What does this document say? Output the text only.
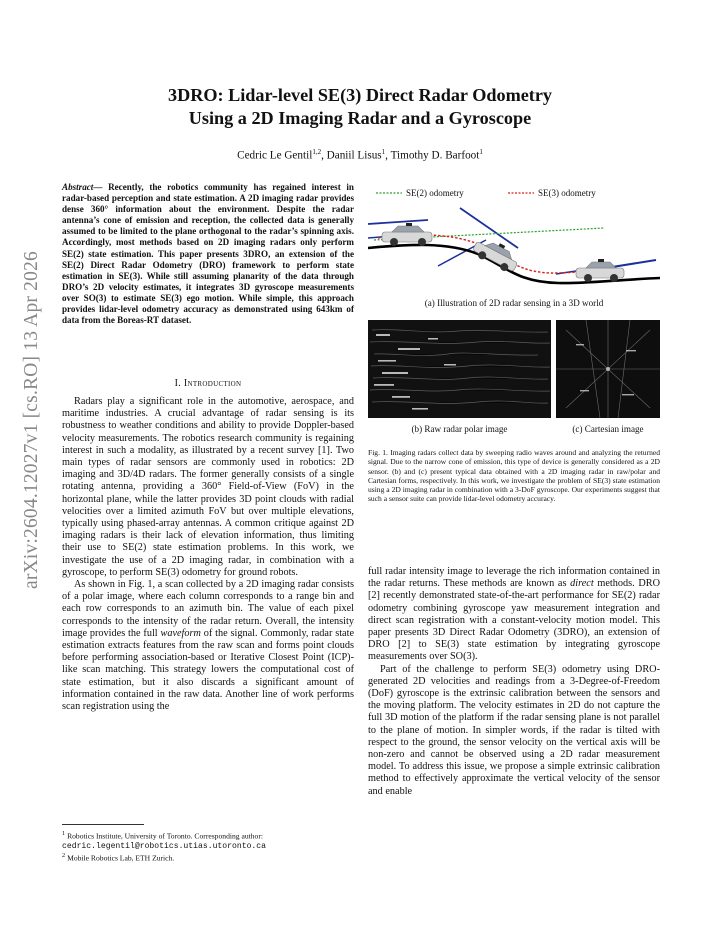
arXiv:2604.12027v1 [cs.RO] 13 Apr 2026
3DRO: Lidar-level SE(3) Direct Radar Odometry
Using a 2D Imaging Radar and a Gyroscope
Cedric Le Gentil$^{1,2}$, Daniil Lisus$^1$, Timothy D. Barfoot$^1$
Abstract— Recently, the robotics community has regained interest in radar-based perception and state estimation. A 2D imaging radar provides dense 360° information about the environment. Despite the radar antenna’s cone of emission and reception, the collected data is generally assumed to be limited to the plane orthogonal to the radar’s spinning axis. Accordingly, most methods based on 2D imaging radars only perform SE(2) state estimation. This paper presents 3DRO, an extension of the SE(2) Direct Radar Odometry (DRO) framework to perform state estimation in SE(3). While still assuming planarity of the data through DRO’s 2D velocity estimates, it integrates 3D gyroscope measurements over SO(3) to estimate SE(3) ego motion. While simple, this approach provides lidar-level odometry accuracy as demonstrated using 643km of data from the Boreas-RT dataset.
I. Introduction

Radars play a significant role in the automotive, aerospace, and maritime industries. A crucial advantage of radar sensing is its robustness to weather conditions and ability to provide Doppler-based velocity measurements. The robotics research community is regaining interest in such a modality, as illustrated by a recent survey [1]. Two main types of radar sensors are commonly used in robotics: 2D imaging and 3D/4D radars. The former generally consists of a single rotating antenna, providing a 360° Field-of-View (FoV) in the horizontal plane, while the latter provides 3D point clouds with radial velocities over a limited azimuth FoV but over multiple elevations, typically using phased-array antennas. A common critique against 2D imaging radars is their lack of elevation information, thus limiting their use to SE(2) state estimation problems. In this work, we investigate the use of a 2D imaging radar, in combination with a gyroscope, to perform SE(3) odometry for ground robots.

As shown in Fig. 1, a scan collected by a 2D imaging radar consists of a polar image, where each column corresponds to a range bin and each row corresponds to an azimuth bin. The value of each pixel corresponds to the intensity of the radar return. Overall, the intensity image provides the full waveform of the signal. Commonly, radar state estimation extracts features from the raw scan and forms point clouds before performing association-based or Iterative Closest Point (ICP)-like scan matching. This strategy lowers the computational cost of state estimation, but it also discards a significant amount of information contained in the raw data. Another line of work performs scan registration using the

$^1$ Robotics Institute, University of Toronto. Corresponding author: cedric.legentil@robotics.utias.utoronto.ca

$^2$ Mobile Robotics Lab, ETH Zurich.

SE(2) odometry	SE(3) odometry
(a) Illustration of 2D radar sensing in a 3D world
(b) Raw radar polar image	(c) Cartesian image
Fig. 1. Imaging radars collect data by sweeping radio waves around and analyzing the returned signal. Due to the narrow cone of emission, this type of device is generally considered as a 2D sensor. (b) and (c) present typical data obtained with a 2D imaging radar in raw/polar and Cartesian forms, respectively. In this work, we investigate the problem of SE(3) state estimation using a 2D imaging radar in combination with a 3-DoF gyroscope. Our experiments suggest that such a sensor suite can provide lidar-level odometry accuracy.

full radar intensity image to leverage the rich information contained in the radar returns. These methods are known as direct methods. DRO [2] recently demonstrated state-of-the-art performance for SE(2) radar odometry combining gyroscope yaw measurement integration and direct scan registration with a constant-velocity motion model. This paper presents 3D Direct Radar Odometry (3DRO), an extension of DRO [2] to SE(3) state estimation by integrating gyroscope measurements over SO(3).

Part of the challenge to perform SE(3) odometry using DRO-generated 2D velocities and readings from a 3-Degree-of-Freedom (DoF) gyroscope is the extrinsic calibration between the sensors and the moving platform. The velocity estimates in 2D do not capture the full 3D motion of the platform if the radar sensing plane is not parallel to the plane of motion. In simpler words, if the radar is tilted with respect to the ground, the sensor velocity on the vertical axis will be non-zero and cannot be observed using a 2D radar measurement model. To address this issue, we propose a simple extrinsic calibration method to effectively approximate the vertical velocity of the sensor and enable
